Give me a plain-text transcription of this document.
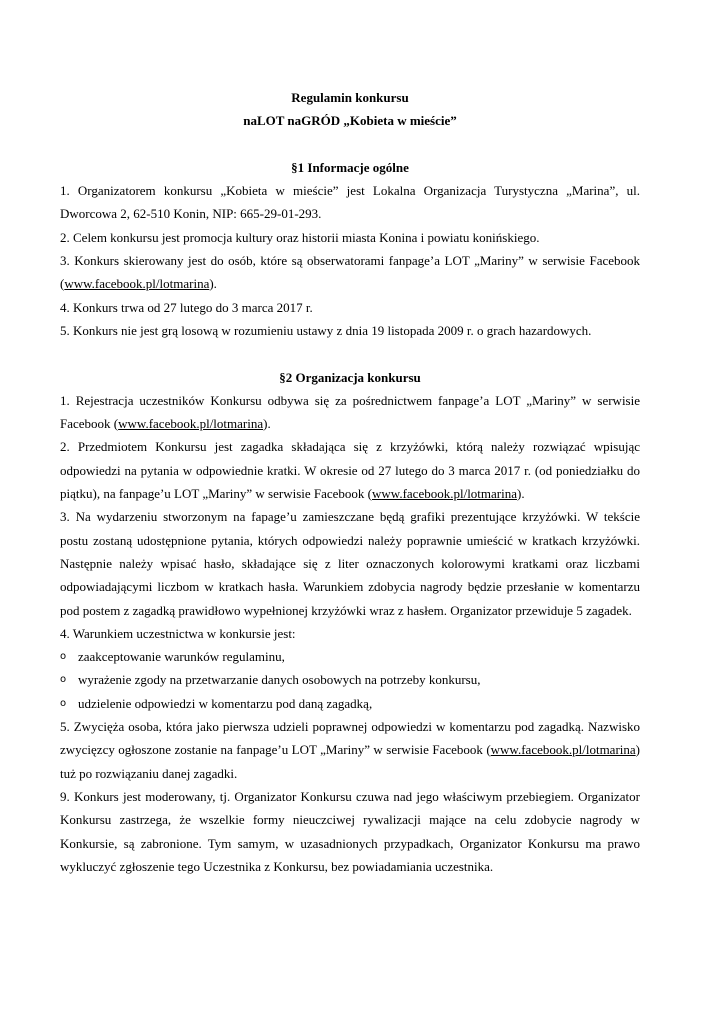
Regulamin konkursu

naLOT naGRÓD „Kobieta w mieście”

§1 Informacje ogólne

1. Organizatorem konkursu „Kobieta w mieście” jest Lokalna Organizacja Turystyczna „Marina”, ul. Dworcowa 2, 62-510 Konin, NIP: 665-29-01-293.

2. Celem konkursu jest promocja kultury oraz historii miasta Konina i powiatu konińskiego.

3. Konkurs skierowany jest do osób, które są obserwatorami fanpage’a LOT „Mariny” w serwisie Facebook (www.facebook.pl/lotmarina).

4. Konkurs trwa od 27 lutego do 3 marca 2017 r.

5. Konkurs nie jest grą losową w rozumieniu ustawy z dnia 19 listopada 2009 r. o grach hazardowych.

§2 Organizacja konkursu

1. Rejestracja uczestników Konkursu odbywa się za pośrednictwem fanpage’a LOT „Mariny” w serwisie Facebook (www.facebook.pl/lotmarina).

2. Przedmiotem Konkursu jest zagadka składająca się z krzyżówki, którą należy rozwiązać wpisując odpowiedzi na pytania w odpowiednie kratki. W okresie od 27 lutego do 3 marca 2017 r. (od poniedziałku do piątku), na fanpage’u LOT „Mariny” w serwisie Facebook (www.facebook.pl/lotmarina).

3. Na wydarzeniu stworzonym na fapage’u zamieszczane będą grafiki prezentujące krzyżówki. W tekście postu zostaną udostępnione pytania, których odpowiedzi należy poprawnie umieścić w kratkach krzyżówki. Następnie należy wpisać hasło, składające się z liter oznaczonych kolorowymi kratkami oraz liczbami odpowiadającymi liczbom w kratkach hasła. Warunkiem zdobycia nagrody będzie przesłanie w komentarzu pod postem z zagadką prawidłowo wypełnionej krzyżówki wraz z hasłem. Organizator przewiduje 5 zagadek.

4. Warunkiem uczestnictwa w konkursie jest:

o zaakceptowanie warunków regulaminu,
o wyrażenie zgody na przetwarzanie danych osobowych na potrzeby konkursu,
o udzielenie odpowiedzi w komentarzu pod daną zagadką,

5. Zwycięża osoba, która jako pierwsza udzieli poprawnej odpowiedzi w komentarzu pod zagadką. Nazwisko zwycięzcy ogłoszone zostanie na fanpage’u LOT „Mariny” w serwisie Facebook (www.facebook.pl/lotmarina) tuż po rozwiązaniu danej zagadki.

9. Konkurs jest moderowany, tj. Organizator Konkursu czuwa nad jego właściwym przebiegiem. Organizator Konkursu zastrzega, że wszelkie formy nieuczciwej rywalizacji mające na celu zdobycie nagrody w Konkursie, są zabronione. Tym samym, w uzasadnionych przypadkach, Organizator Konkursu ma prawo wykluczyć zgłoszenie tego Uczestnika z Konkursu, bez powiadamiania uczestnika.
